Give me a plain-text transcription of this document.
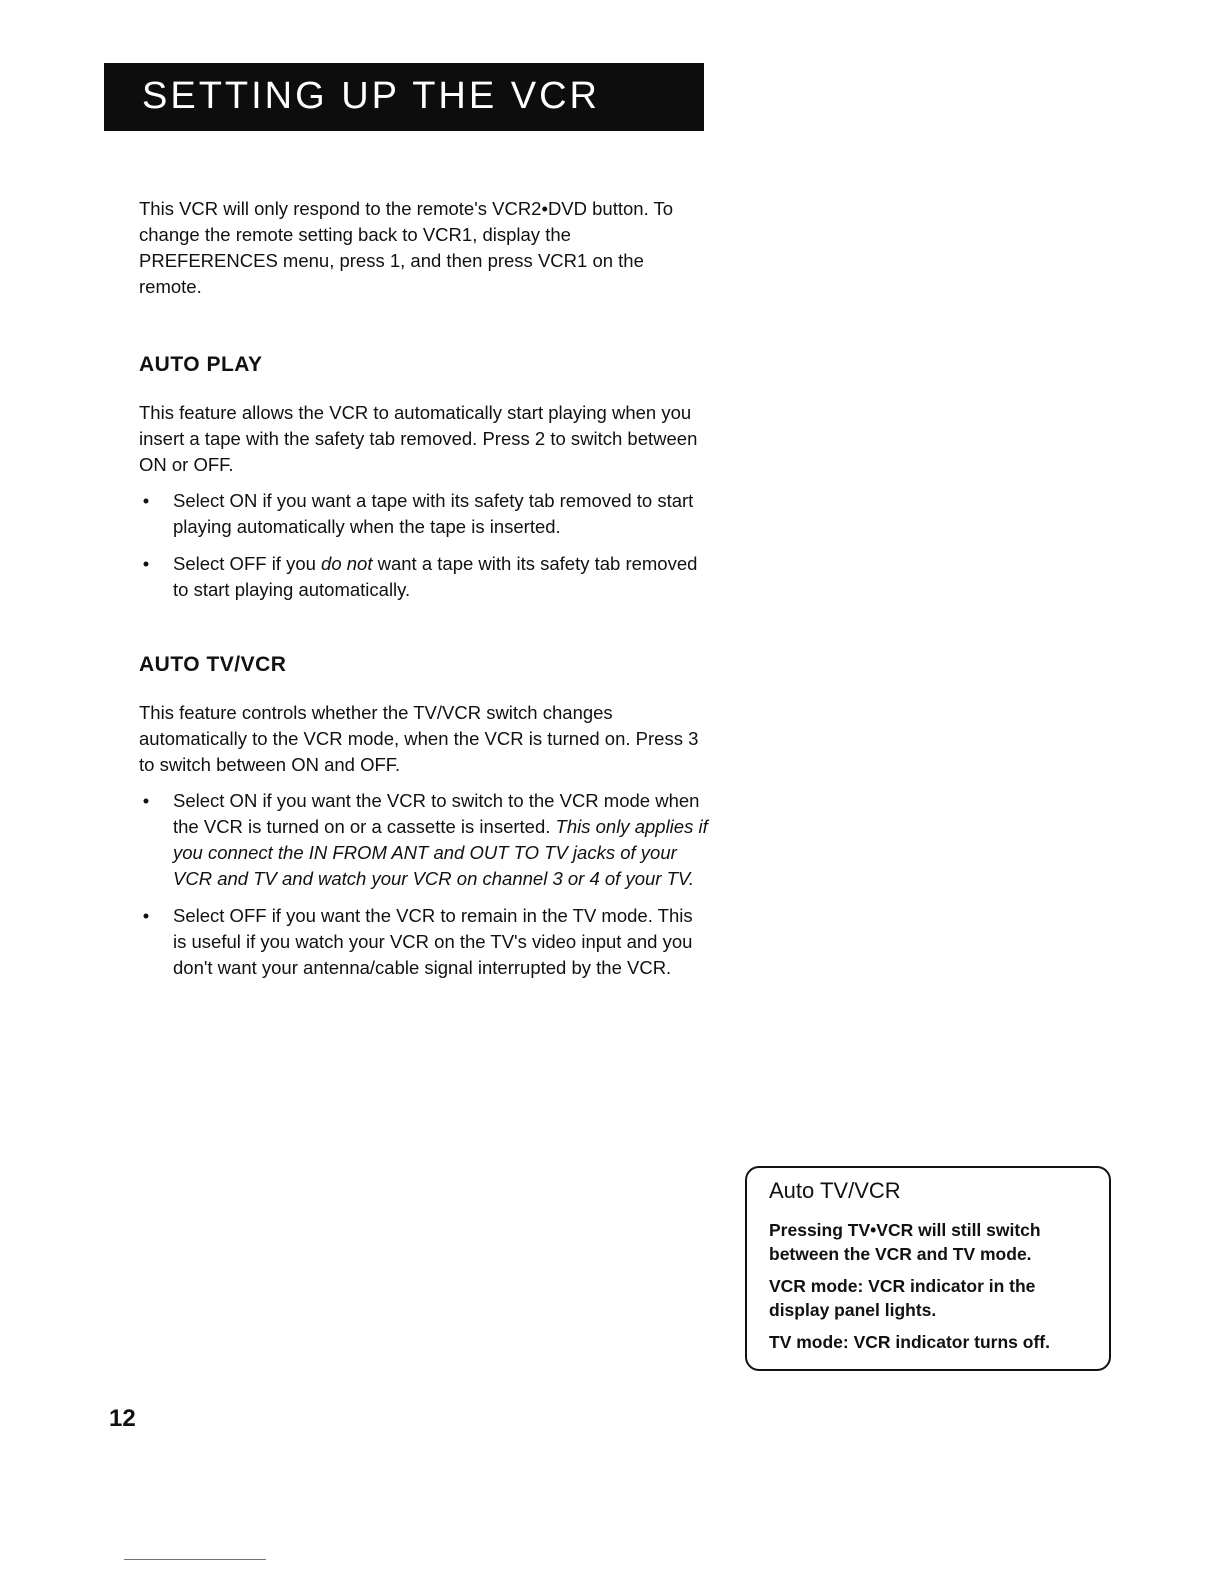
SETTING UP THE VCR

This VCR will only respond to the remote's VCR2•DVD button. To change the remote setting back to VCR1, display the PREFERENCES menu, press 1, and then press VCR1 on the remote.

AUTO PLAY

This feature allows the VCR to automatically start playing when you insert a tape with the safety tab removed. Press 2 to switch between ON or OFF.

• Select ON if you want a tape with its safety tab removed to start playing automatically when the tape is inserted.
• Select OFF if you do not want a tape with its safety tab removed to start playing automatically.
AUTO TV/VCR

This feature controls whether the TV/VCR switch changes automatically to the VCR mode, when the VCR is turned on. Press 3 to switch between ON and OFF.

• Select ON if you want the VCR to switch to the VCR mode when the VCR is turned on or a cassette is inserted. This only applies if you connect the IN FROM ANT and OUT TO TV jacks of your VCR and TV and watch your VCR on channel 3 or 4 of your TV.
• Select OFF if you want the VCR to remain in the TV mode. This is useful if you watch your VCR on the TV's video input and you don't want your antenna/cable signal interrupted by the VCR.
Auto TV/VCR

Pressing TV•VCR will still switch between the VCR and TV mode.

VCR mode: VCR indicator in the display panel lights.

TV mode: VCR indicator turns off.

12
